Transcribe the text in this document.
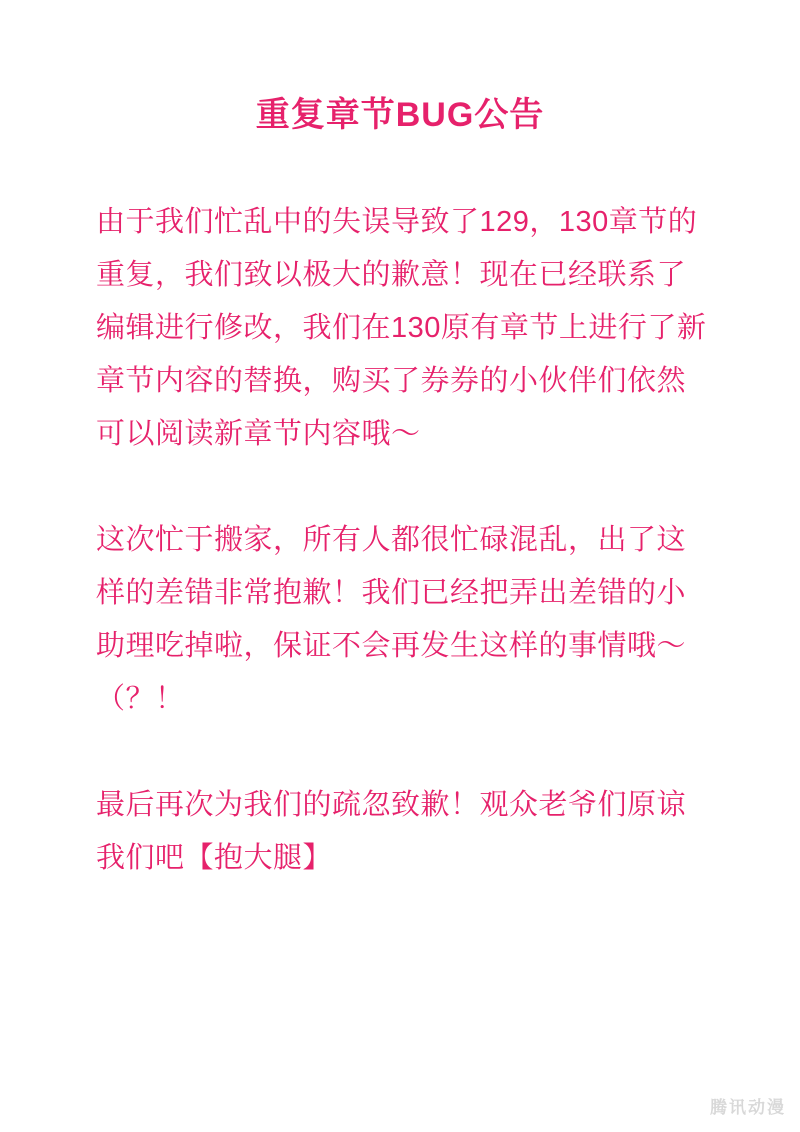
重复章节BUG公告

由于我们忙乱中的失误导致了129，130章节的重复，我们致以极大的歉意！现在已经联系了编辑进行修改，我们在130原有章节上进行了新章节内容的替换，购买了券券的小伙伴们依然可以阅读新章节内容哦～

这次忙于搬家，所有人都很忙碌混乱，出了这样的差错非常抱歉！我们已经把弄出差错的小助理吃掉啦，保证不会再发生这样的事情哦～（？！

最后再次为我们的疏忽致歉！观众老爷们原谅我们吧【抱大腿】

腾讯动漫
